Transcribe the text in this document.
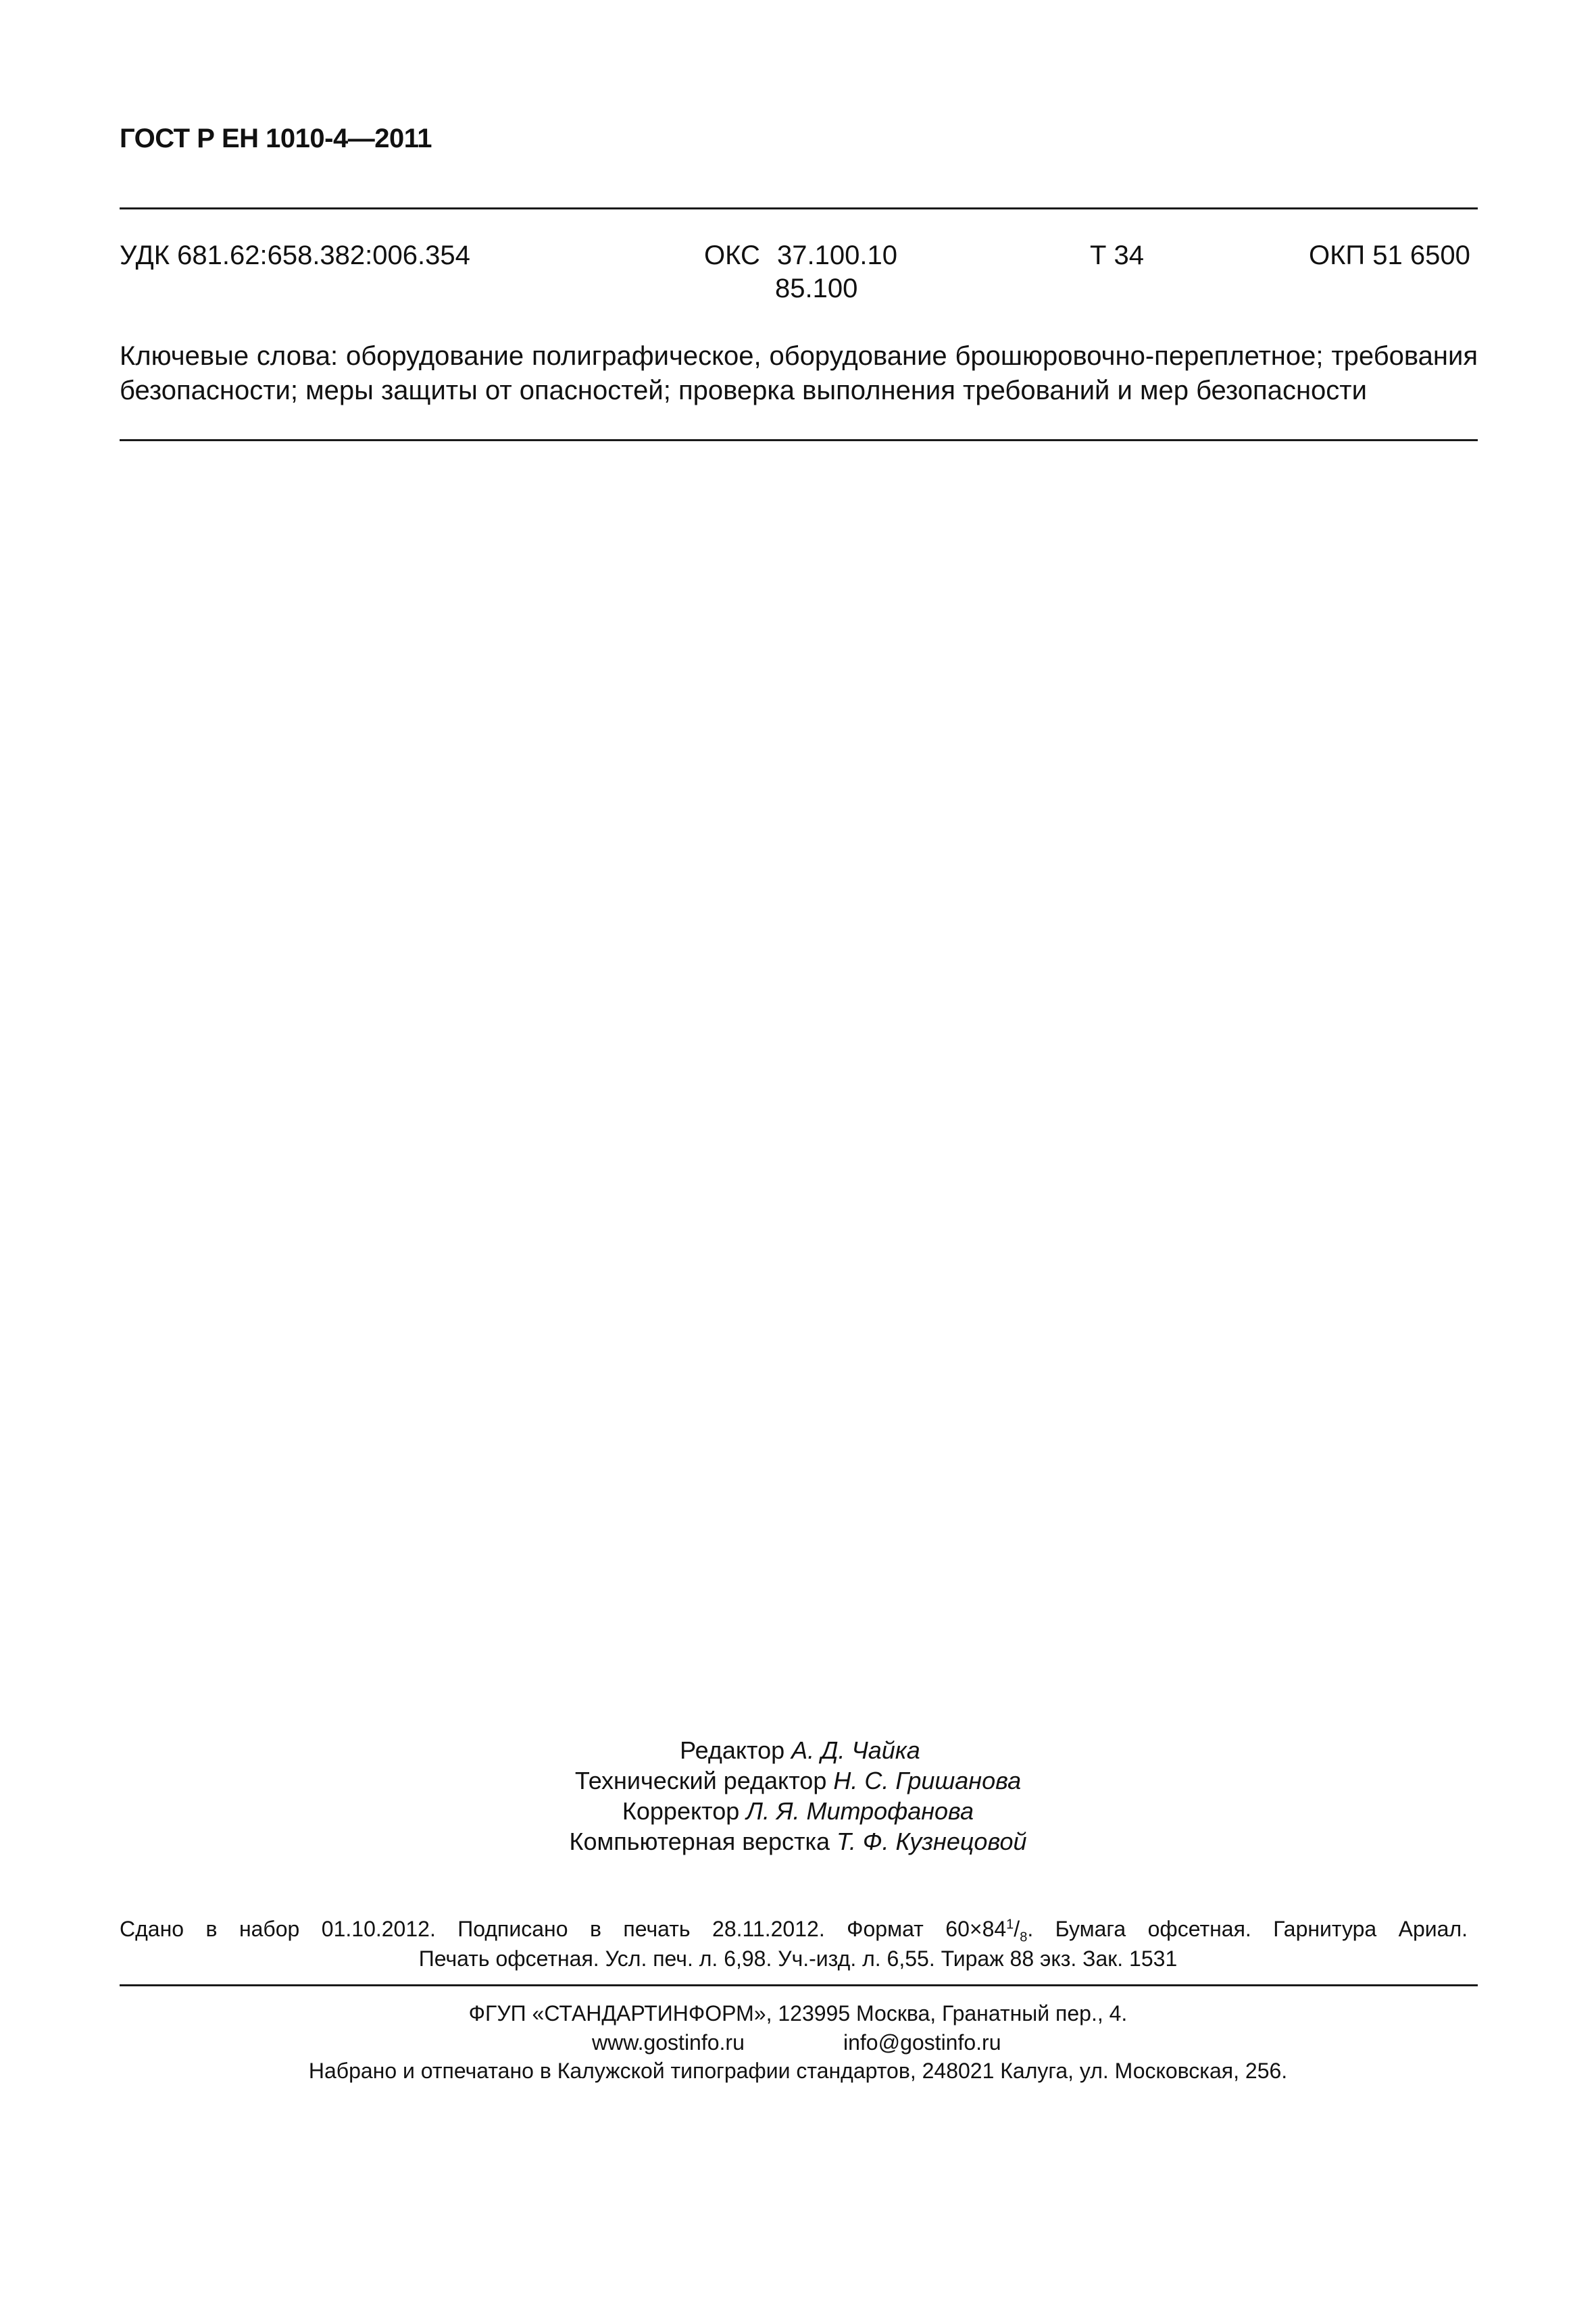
ГОСТ Р ЕН 1010-4—2011
УДК 681.62:658.382:006.354	ОКС 37.100.10
85.100
Т 34	ОКП 51 6500
Ключевые слова: оборудование полиграфическое, оборудование брошюровочно-переплетное; требования безопасности; меры защиты от опасностей; проверка выполнения требований и мер безопасности
Редактор А. Д. Чайка
Технический редактор Н. С. Гришанова
Корректор Л. Я. Митрофанова
Компьютерная верстка Т. Ф. Кузнецовой
Сдано в набор 01.10.2012. Подписано в печать 28.11.2012. Формат $60\times 84^1/_8$. Бумага офсетная. Гарнитура Ариал.
Печать офсетная. Усл. печ. л. 6,98. Уч.-изд. л. 6,55. Тираж 88 экз. Зак. 1531
ФГУП «СТАНДАРТИНФОРМ», 123995 Москва, Гранатный пер., 4.
www.gostinfo.ru	info@gostinfo.ru
Набрано и отпечатано в Калужской типографии стандартов, 248021 Калуга, ул. Московская, 256.
